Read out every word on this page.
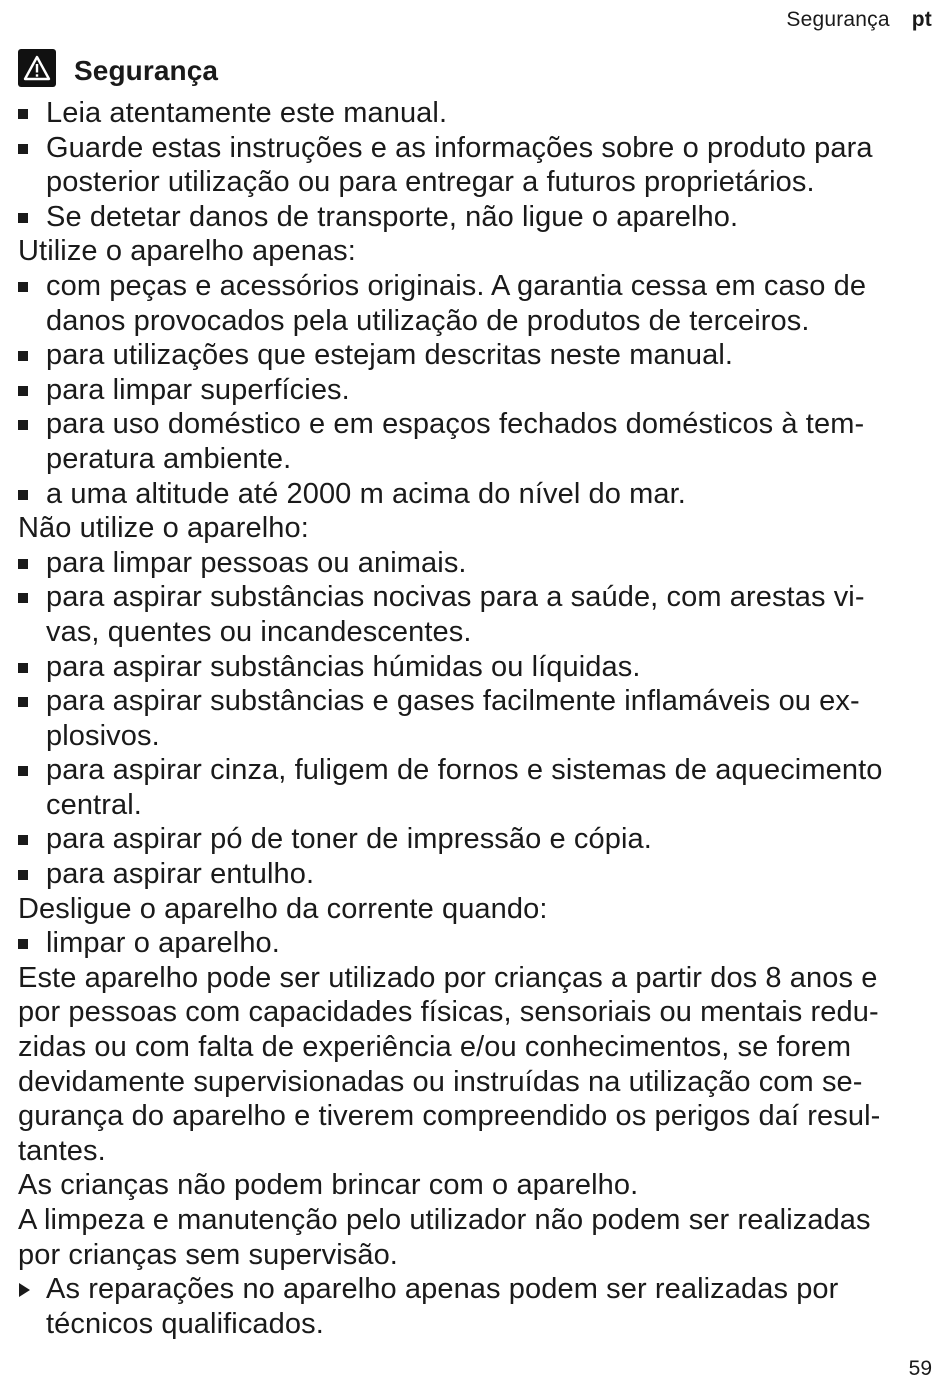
Segurança pt
Segurança
Leia atentamente este manual.
Guarde estas instruções e as informações sobre o produto para
posterior utilização ou para entregar a futuros proprietários.
Se detetar danos de transporte, não ligue o aparelho.
Utilize o aparelho apenas:
com peças e acessórios originais. A garantia cessa em caso de
danos provocados pela utilização de produtos de terceiros.
para utilizações que estejam descritas neste manual.
para limpar superfícies.
para uso doméstico e em espaços fechados domésticos à tem-
peratura ambiente.
a uma altitude até 2000 m acima do nível do mar.
Não utilize o aparelho:
para limpar pessoas ou animais.
para aspirar substâncias nocivas para a saúde, com arestas vi-
vas, quentes ou incandescentes.
para aspirar substâncias húmidas ou líquidas.
para aspirar substâncias e gases facilmente inflamáveis ou ex-
plosivos.
para aspirar cinza, fuligem de fornos e sistemas de aquecimento
central.
para aspirar pó de toner de impressão e cópia.
para aspirar entulho.
Desligue o aparelho da corrente quando:
limpar o aparelho.
Este aparelho pode ser utilizado por crianças a partir dos 8 anos e
por pessoas com capacidades físicas, sensoriais ou mentais redu-
zidas ou com falta de experiência e/ou conhecimentos, se forem
devidamente supervisionadas ou instruídas na utilização com se-
gurança do aparelho e tiverem compreendido os perigos daí resul-
tantes.
As crianças não podem brincar com o aparelho.
A limpeza e manutenção pelo utilizador não podem ser realizadas
por crianças sem supervisão.
As reparações no aparelho apenas podem ser realizadas por
técnicos qualificados.
59
